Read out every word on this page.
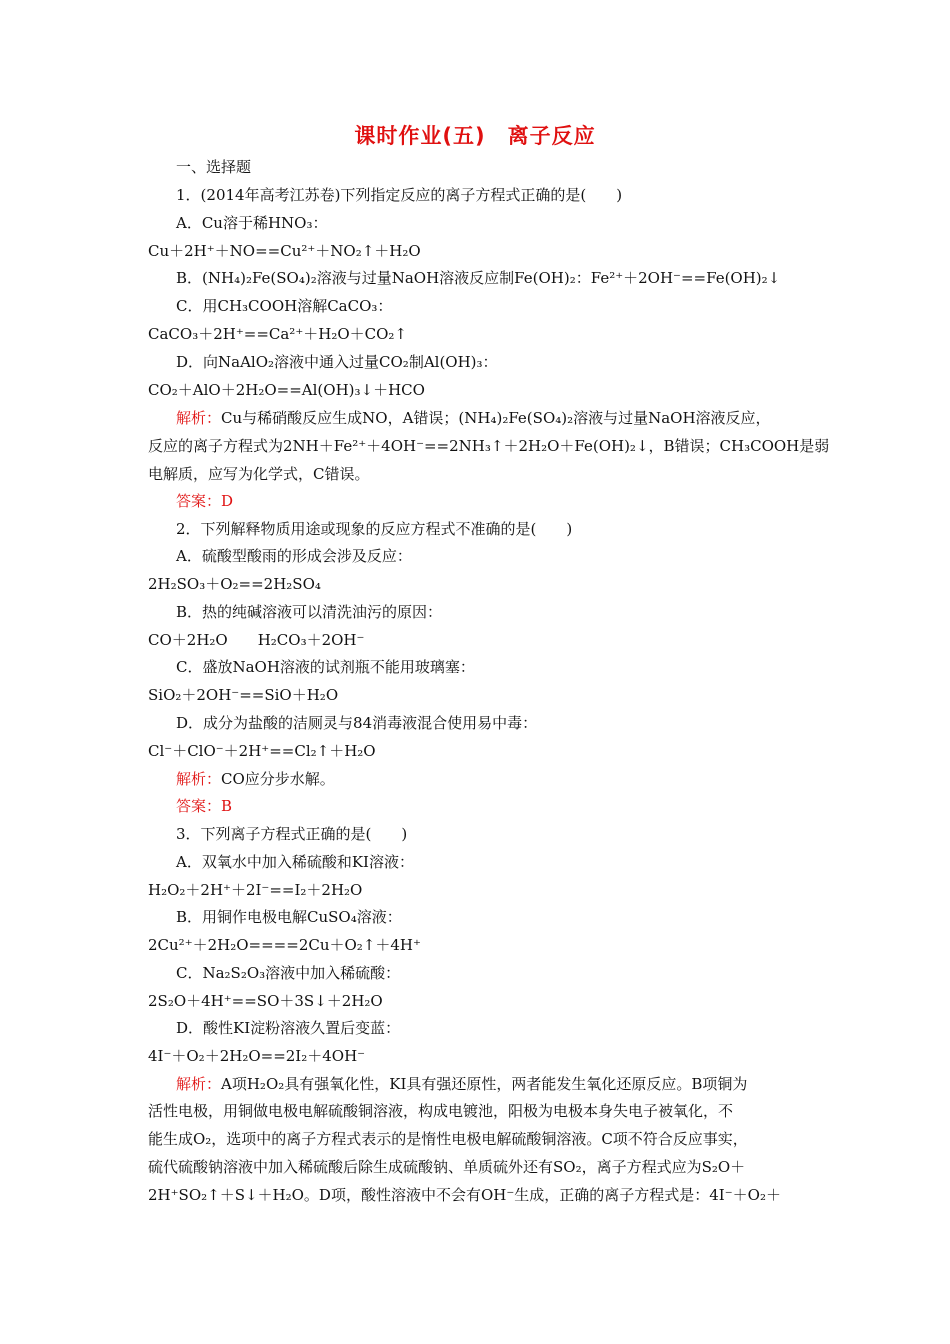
课时作业(五)　离子反应
一、选择题
1．(2014年高考江苏卷)下列指定反应的离子方程式正确的是(　　)
A．Cu溶于稀HNO₃：
Cu＋2H⁺＋NO==Cu²⁺＋NO₂↑＋H₂O
B．(NH₄)₂Fe(SO₄)₂溶液与过量NaOH溶液反应制Fe(OH)₂：Fe²⁺＋2OH⁻==Fe(OH)₂↓
C．用CH₃COOH溶解CaCO₃：
CaCO₃＋2H⁺==Ca²⁺＋H₂O＋CO₂↑
D．向NaAlO₂溶液中通入过量CO₂制Al(OH)₃：
CO₂＋AlO＋2H₂O==Al(OH)₃↓＋HCO
解析：Cu与稀硝酸反应生成NO，A错误；(NH₄)₂Fe(SO₄)₂溶液与过量NaOH溶液反应，
反应的离子方程式为2NH＋Fe²⁺＋4OH⁻==2NH₃↑＋2H₂O＋Fe(OH)₂↓，B错误；CH₃COOH是弱
电解质，应写为化学式，C错误。
答案：D
2．下列解释物质用途或现象的反应方程式不准确的是(　　)
A．硫酸型酸雨的形成会涉及反应：
2H₂SO₃＋O₂==2H₂SO₄
B．热的纯碱溶液可以清洗油污的原因：
CO＋2H₂O　　H₂CO₃＋2OH⁻
C．盛放NaOH溶液的试剂瓶不能用玻璃塞：
SiO₂＋2OH⁻==SiO＋H₂O
D．成分为盐酸的洁厕灵与84消毒液混合使用易中毒：
Cl⁻＋ClO⁻＋2H⁺==Cl₂↑＋H₂O
解析：CO应分步水解。
答案：B
3．下列离子方程式正确的是(　　)
A．双氧水中加入稀硫酸和KI溶液：
H₂O₂＋2H⁺＋2I⁻==I₂＋2H₂O
B．用铜作电极电解CuSO₄溶液：
2Cu²⁺＋2H₂O====2Cu＋O₂↑＋4H⁺
C．Na₂S₂O₃溶液中加入稀硫酸：
2S₂O＋4H⁺==SO＋3S↓＋2H₂O
D．酸性KI淀粉溶液久置后变蓝：
4I⁻＋O₂＋2H₂O==2I₂＋4OH⁻
解析：A项H₂O₂具有强氧化性，KI具有强还原性，两者能发生氧化还原反应。B项铜为
活性电极，用铜做电极电解硫酸铜溶液，构成电镀池，阳极为电极本身失电子被氧化，不
能生成O₂，选项中的离子方程式表示的是惰性电极电解硫酸铜溶液。C项不符合反应事实，
硫代硫酸钠溶液中加入稀硫酸后除生成硫酸钠、单质硫外还有SO₂，离子方程式应为S₂O＋
2H⁺SO₂↑＋S↓＋H₂O。D项，酸性溶液中不会有OH⁻生成，正确的离子方程式是：4I⁻＋O₂＋
